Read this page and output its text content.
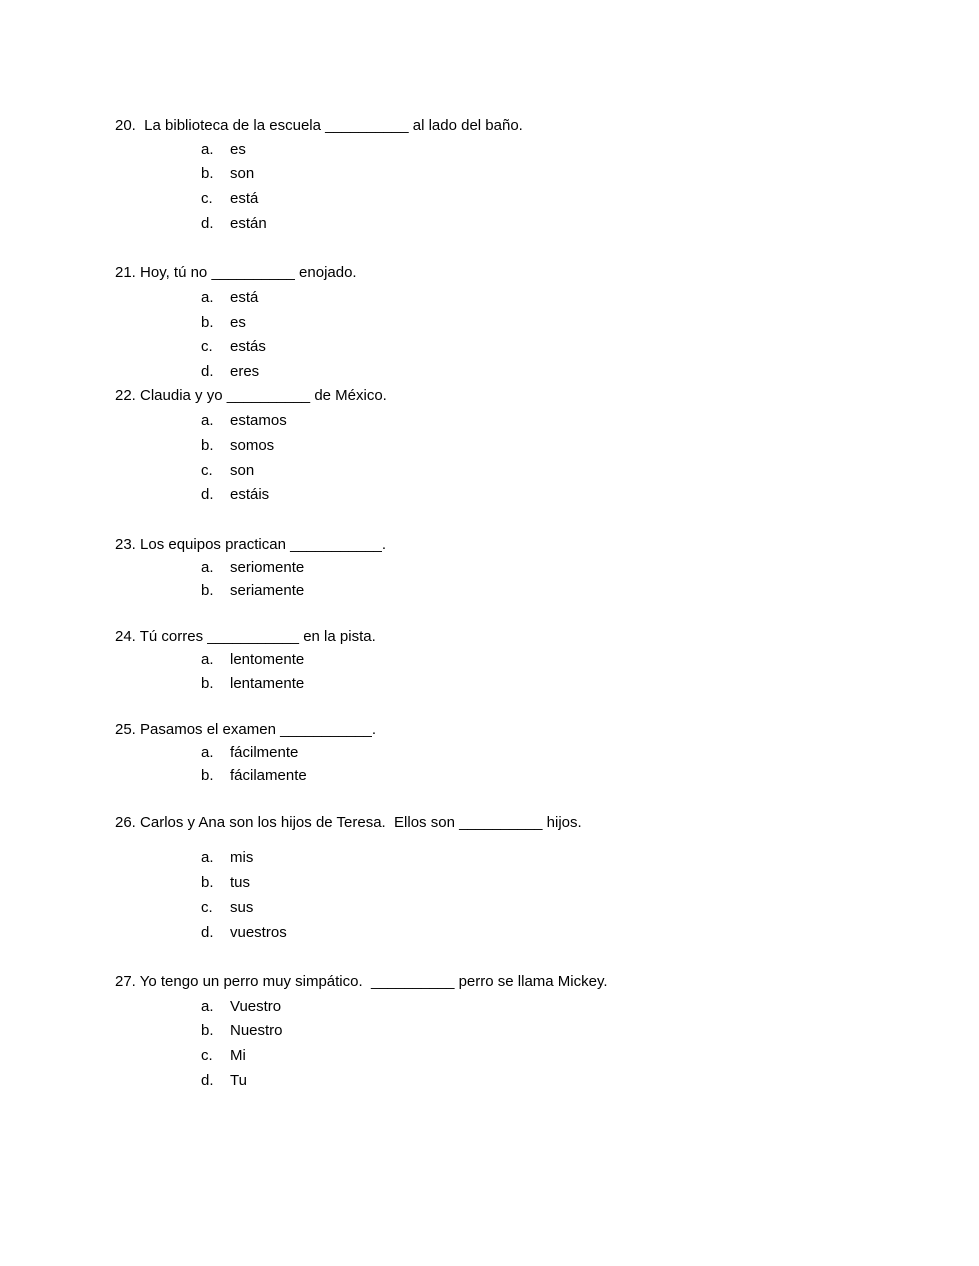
20.  La biblioteca de la escuela __________ al lado del baño.
a. es
b. son
c. está
d. están
21. Hoy, tú no __________ enojado.
a. está
b. es
c. estás
d. eres
22. Claudia y yo __________ de México.
a. estamos
b. somos
c. son
d. estáis
23. Los equipos practican ___________.
a. seriomente
b. seriamente
24. Tú corres ___________ en la pista.
a. lentomente
b. lentamente
25. Pasamos el examen ___________.
a. fácilmente
b. fácilamente
26. Carlos y Ana son los hijos de Teresa.  Ellos son __________ hijos.
a. mis
b. tus
c. sus
d. vuestros
27. Yo tengo un perro muy simpático.  __________ perro se llama Mickey.
a. Vuestro
b. Nuestro
c. Mi
d. Tu
